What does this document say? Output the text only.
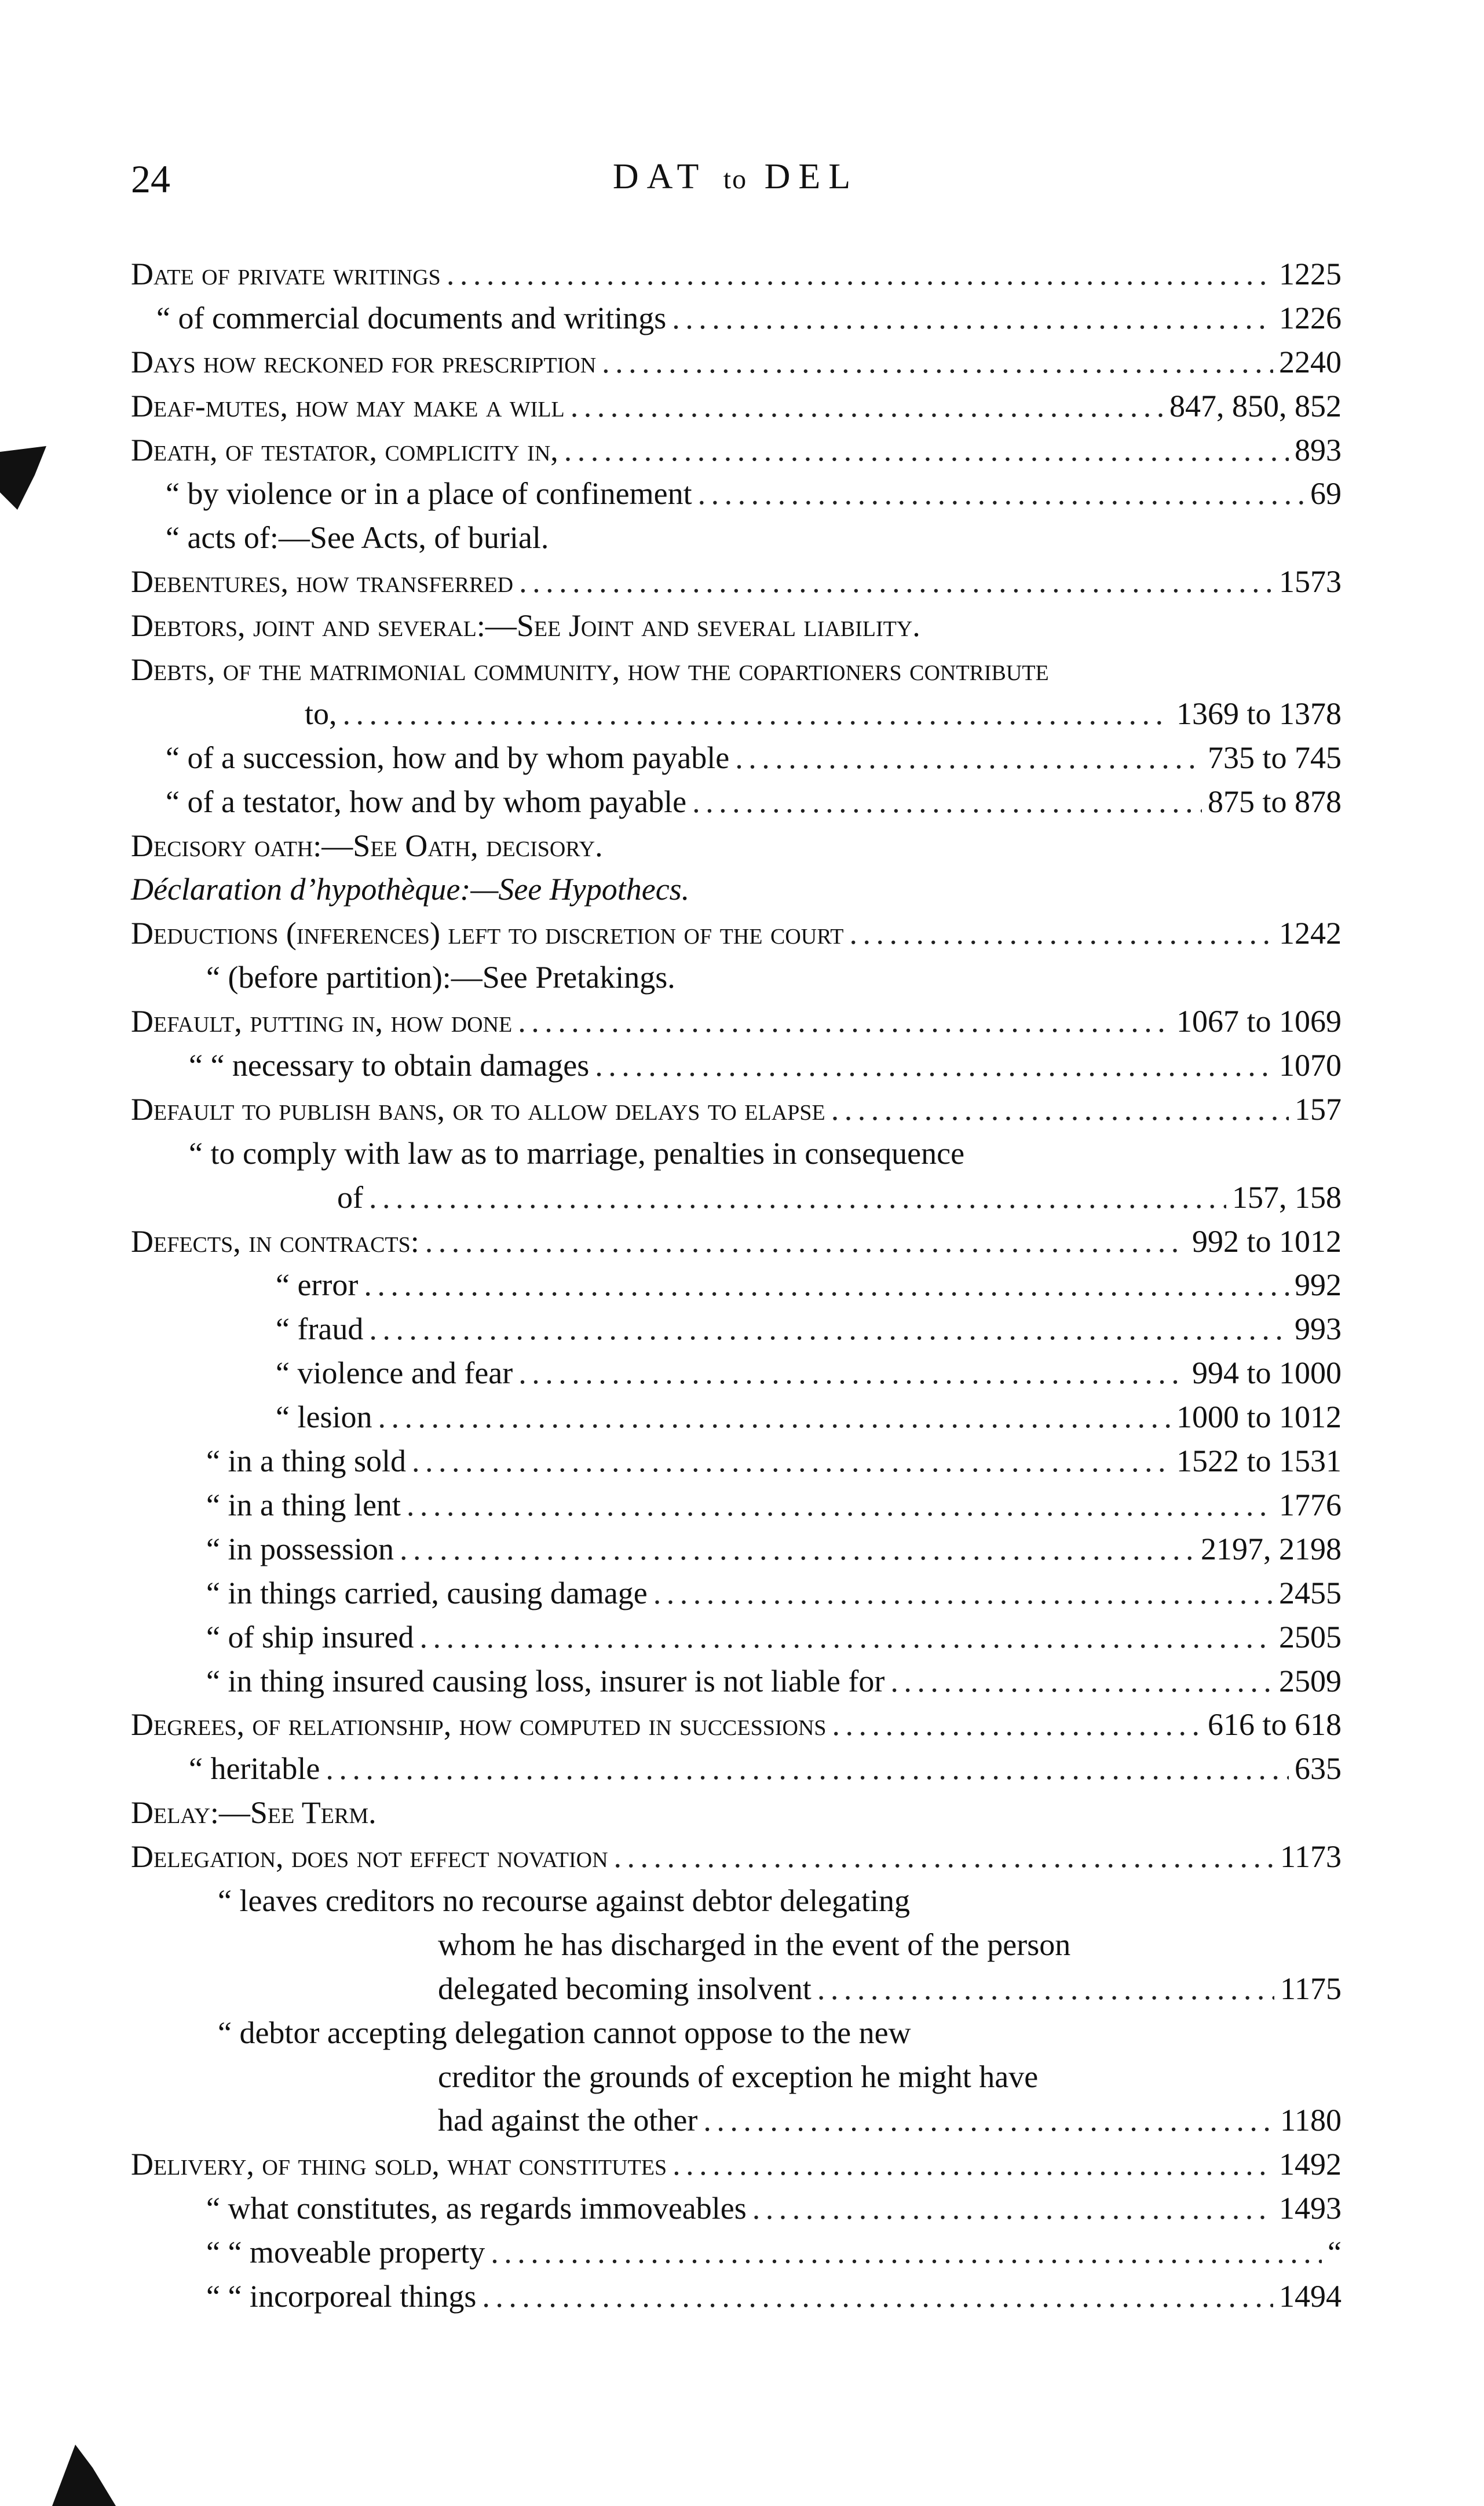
24	DAT to DEL
Date of private writings . . .	1225
“ of commercial documents and writings . . .	1226
Days how reckoned for prescription . . .	2240
Deaf-mutes, how may make a will . . .	847, 850, 852
Death, of testator, complicity in, . . .	893
“ by violence or in a place of confinement . . .	69
“ acts of:—See Acts, of burial.
Debentures, how transferred . . .	1573
Debtors, joint and several:—See Joint and several liability.
Debts, of the matrimonial community, how the copartioners contribute
to, . . .	1369 to 1378
“ of a succession, how and by whom payable . . .	735 to 745
“ of a testator, how and by whom payable . . .	875 to 878
Decisory oath:—See Oath, decisory.
Déclaration d’hypothèque:—See Hypothecs.
Deductions (inferences) left to discretion of the court . . .	1242
“ (before partition):—See Pretakings.
Default, putting in, how done . . .	1067 to 1069
“ “ necessary to obtain damages . . .	1070
Default to publish bans, or to allow delays to elapse . . .	157
“ to comply with law as to marriage, penalties in consequence
of . . .	157, 158
Defects, in contracts: . . .	992 to 1012
“ error . . .	992
“ fraud . . .	993
“ violence and fear . . .	994 to 1000
“ lesion . . .	1000 to 1012
“ in a thing sold . . .	1522 to 1531
“ in a thing lent . . .	1776
“ in possession . . .	2197, 2198
“ in things carried, causing damage . . .	2455
“ of ship insured . . .	2505
“ in thing insured causing loss, insurer is not liable for . . .	2509
Degrees, of relationship, how computed in successions . . .	616 to 618
“ heritable . . .	635
Delay:—See Term.
Delegation, does not effect novation . . .	1173
“ leaves creditors no recourse against debtor delegating
whom he has discharged in the event of the person
delegated becoming insolvent . . .	1175
“ debtor accepting delegation cannot oppose to the new
creditor the grounds of exception he might have
had against the other . . .	1180
Delivery, of thing sold, what constitutes . . .	1492
“ what constitutes, as regards immoveables . . .	1493
“ “ moveable property . . .	“
“ “ incorporeal things . . .	1494
